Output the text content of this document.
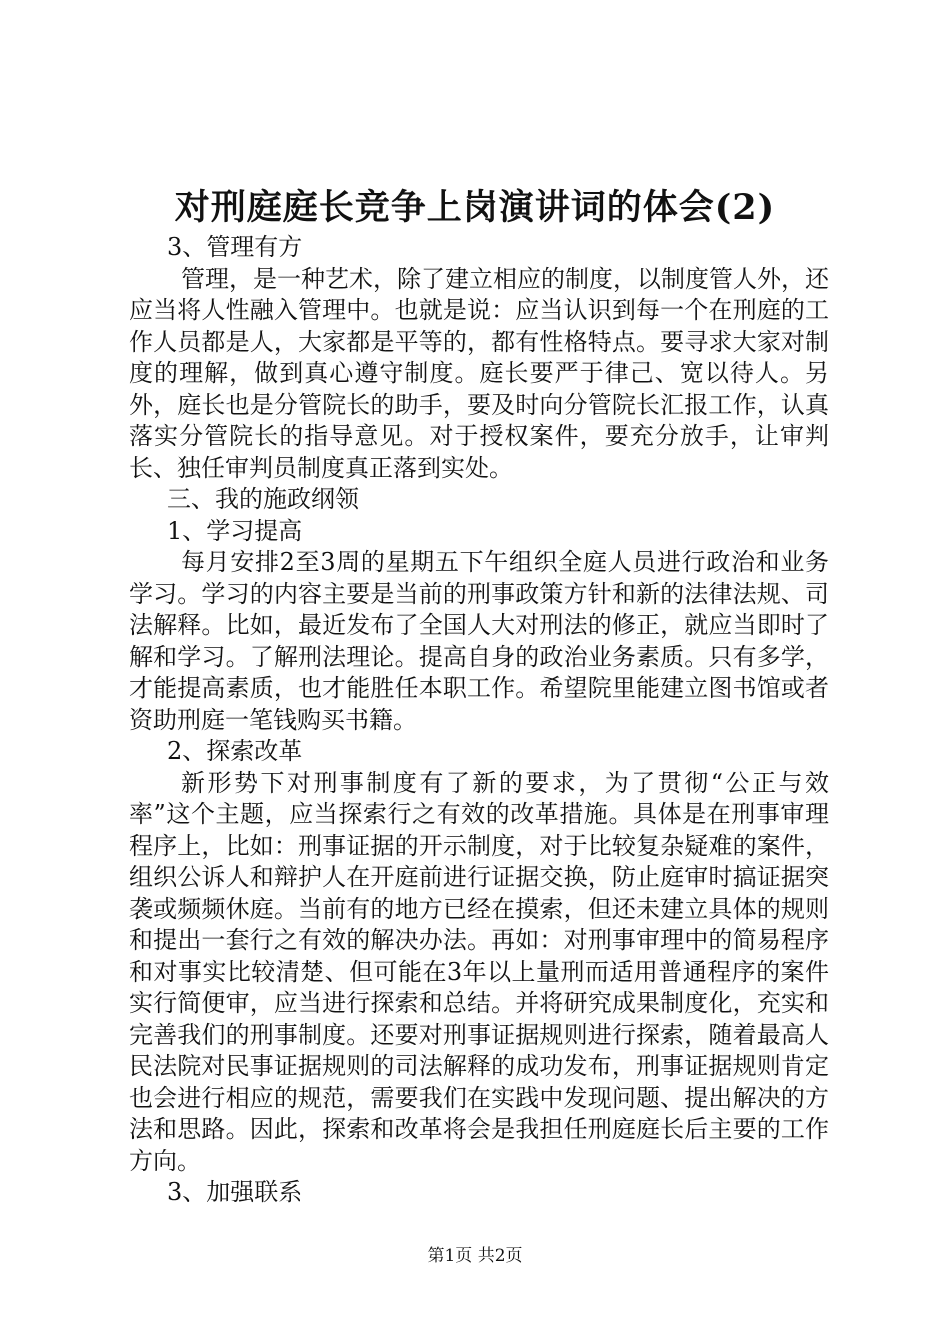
对刑庭庭长竞争上岗演讲词的体会(2)

3、管理有方

管理，是一种艺术，除了建立相应的制度，以制度管人外，还应当将人性融入管理中。也就是说：应当认识到每一个在刑庭的工作人员都是人，大家都是平等的，都有性格特点。要寻求大家对制度的理解，做到真心遵守制度。庭长要严于律己、宽以待人。另外，庭长也是分管院长的助手，要及时向分管院长汇报工作，认真落实分管院长的指导意见。对于授权案件，要充分放手，让审判长、独任审判员制度真正落到实处。

三、我的施政纲领

1、学习提高

每月安排2至3周的星期五下午组织全庭人员进行政治和业务学习。学习的内容主要是当前的刑事政策方针和新的法律法规、司法解释。比如，最近发布了全国人大对刑法的修正，就应当即时了解和学习。了解刑法理论。提高自身的政治业务素质。只有多学，才能提高素质，也才能胜任本职工作。希望院里能建立图书馆或者资助刑庭一笔钱购买书籍。

2、探索改革

新形势下对刑事制度有了新的要求，为了贯彻“公正与效率”这个主题，应当探索行之有效的改革措施。具体是在刑事审理程序上，比如：刑事证据的开示制度，对于比较复杂疑难的案件，组织公诉人和辩护人在开庭前进行证据交换，防止庭审时搞证据突袭或频频休庭。当前有的地方已经在摸索，但还未建立具体的规则和提出一套行之有效的解决办法。再如：对刑事审理中的简易程序和对事实比较清楚、但可能在3年以上量刑而适用普通程序的案件实行简便审，应当进行探索和总结。并将研究成果制度化，充实和完善我们的刑事制度。还要对刑事证据规则进行探索，随着最高人民法院对民事证据规则的司法解释的成功发布，刑事证据规则肯定也会进行相应的规范，需要我们在实践中发现问题、提出解决的方法和思路。因此，探索和改革将会是我担任刑庭庭长后主要的工作方向。

3、加强联系

第1页 共2页
